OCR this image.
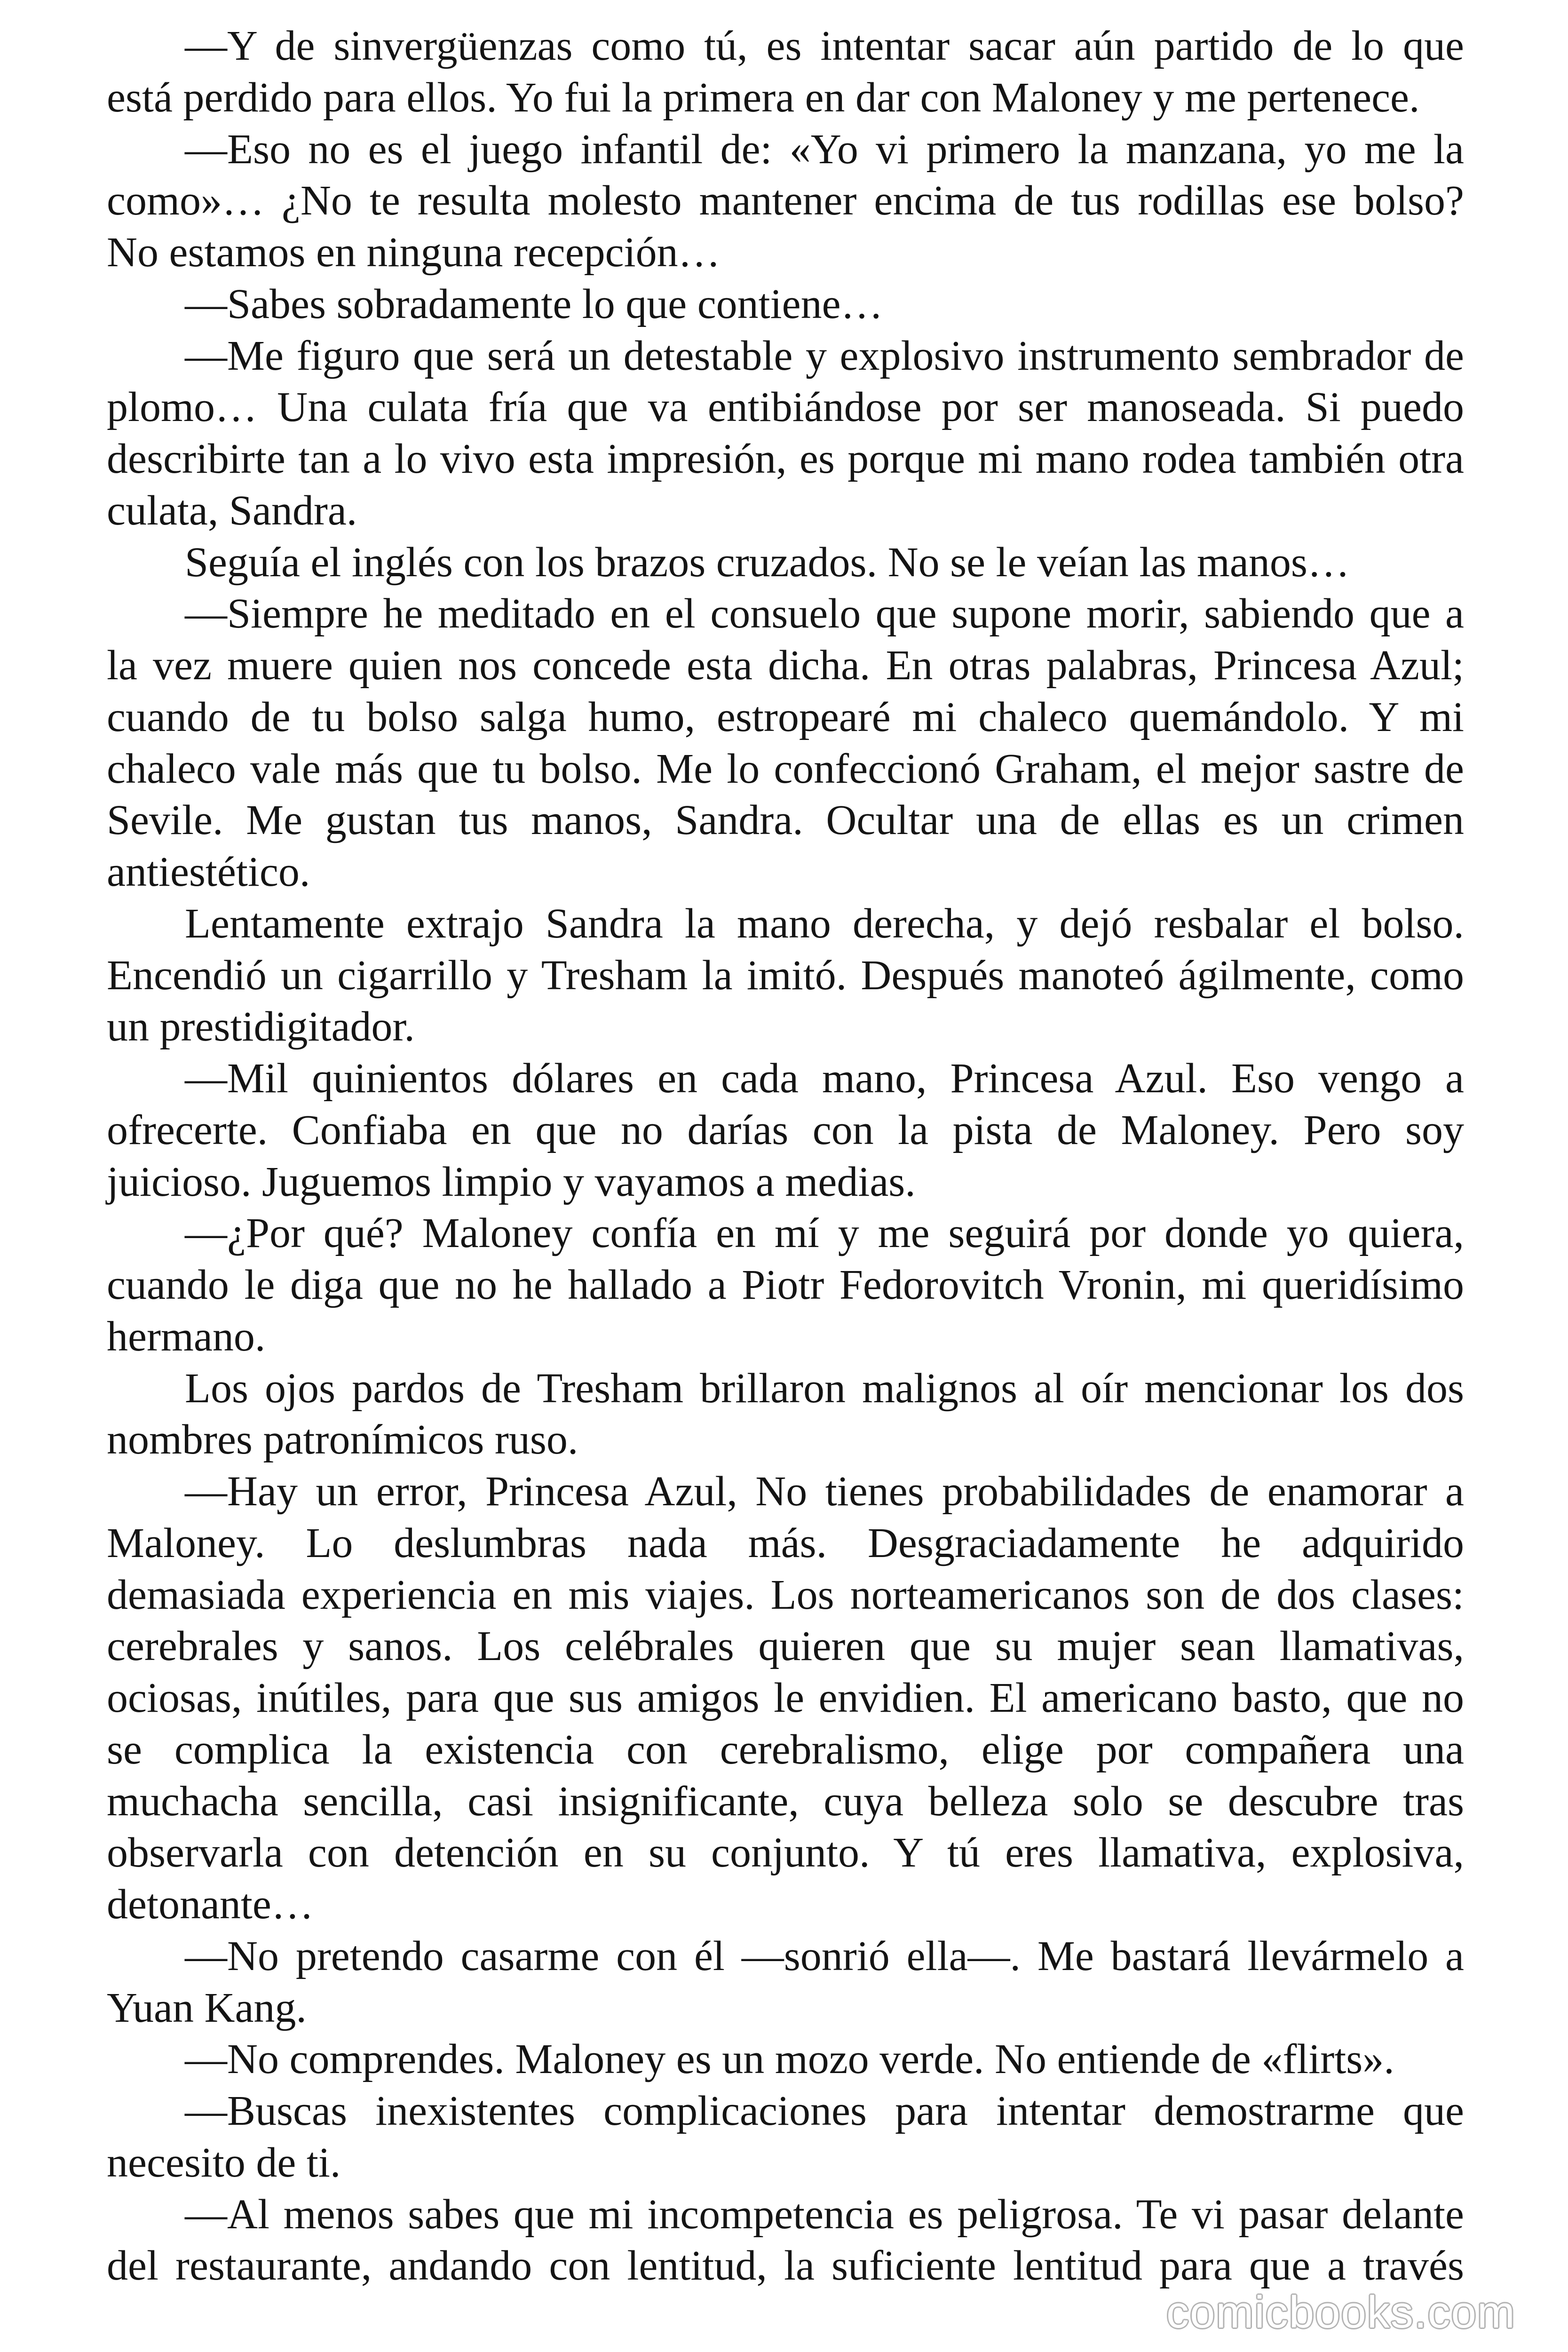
—Y de sinvergüenzas como tú, es intentar sacar aún partido de lo que
está perdido para ellos. Yo fui la primera en dar con Maloney y me pertenece.
—Eso no es el juego infantil de: «Yo vi primero la manzana, yo me la
como»… ¿No te resulta molesto mantener encima de tus rodillas ese bolso?
No estamos en ninguna recepción…
—Sabes sobradamente lo que contiene…
—Me figuro que será un detestable y explosivo instrumento sembrador de
plomo… Una culata fría que va entibiándose por ser manoseada. Si puedo
describirte tan a lo vivo esta impresión, es porque mi mano rodea también otra
culata, Sandra.
Seguía el inglés con los brazos cruzados. No se le veían las manos…
—Siempre he meditado en el consuelo que supone morir, sabiendo que a
la vez muere quien nos concede esta dicha. En otras palabras, Princesa Azul;
cuando de tu bolso salga humo, estropearé mi chaleco quemándolo. Y mi
chaleco vale más que tu bolso. Me lo confeccionó Graham, el mejor sastre de
Sevile. Me gustan tus manos, Sandra. Ocultar una de ellas es un crimen
antiestético.
Lentamente extrajo Sandra la mano derecha, y dejó resbalar el bolso.
Encendió un cigarrillo y Tresham la imitó. Después manoteó ágilmente, como
un prestidigitador.
—Mil quinientos dólares en cada mano, Princesa Azul. Eso vengo a
ofrecerte. Confiaba en que no darías con la pista de Maloney. Pero soy
juicioso. Juguemos limpio y vayamos a medias.
—¿Por qué? Maloney confía en mí y me seguirá por donde yo quiera,
cuando le diga que no he hallado a Piotr Fedorovitch Vronin, mi queridísimo
hermano.
Los ojos pardos de Tresham brillaron malignos al oír mencionar los dos
nombres patronímicos ruso.
—Hay un error, Princesa Azul, No tienes probabilidades de enamorar a
Maloney. Lo deslumbras nada más. Desgraciadamente he adquirido
demasiada experiencia en mis viajes. Los norteamericanos son de dos clases:
cerebrales y sanos. Los celébrales quieren que su mujer sean llamativas,
ociosas, inútiles, para que sus amigos le envidien. El americano basto, que no
se complica la existencia con cerebralismo, elige por compañera una
muchacha sencilla, casi insignificante, cuya belleza solo se descubre tras
observarla con detención en su conjunto. Y tú eres llamativa, explosiva,
detonante…
—No pretendo casarme con él —sonrió ella—. Me bastará llevármelo a
Yuan Kang.
—No comprendes. Maloney es un mozo verde. No entiende de «flirts».
—Buscas inexistentes complicaciones para intentar demostrarme que
necesito de ti.
—Al menos sabes que mi incompetencia es peligrosa. Te vi pasar delante
del restaurante, andando con lentitud, la suficiente lentitud para que a través
comicbooks.com
